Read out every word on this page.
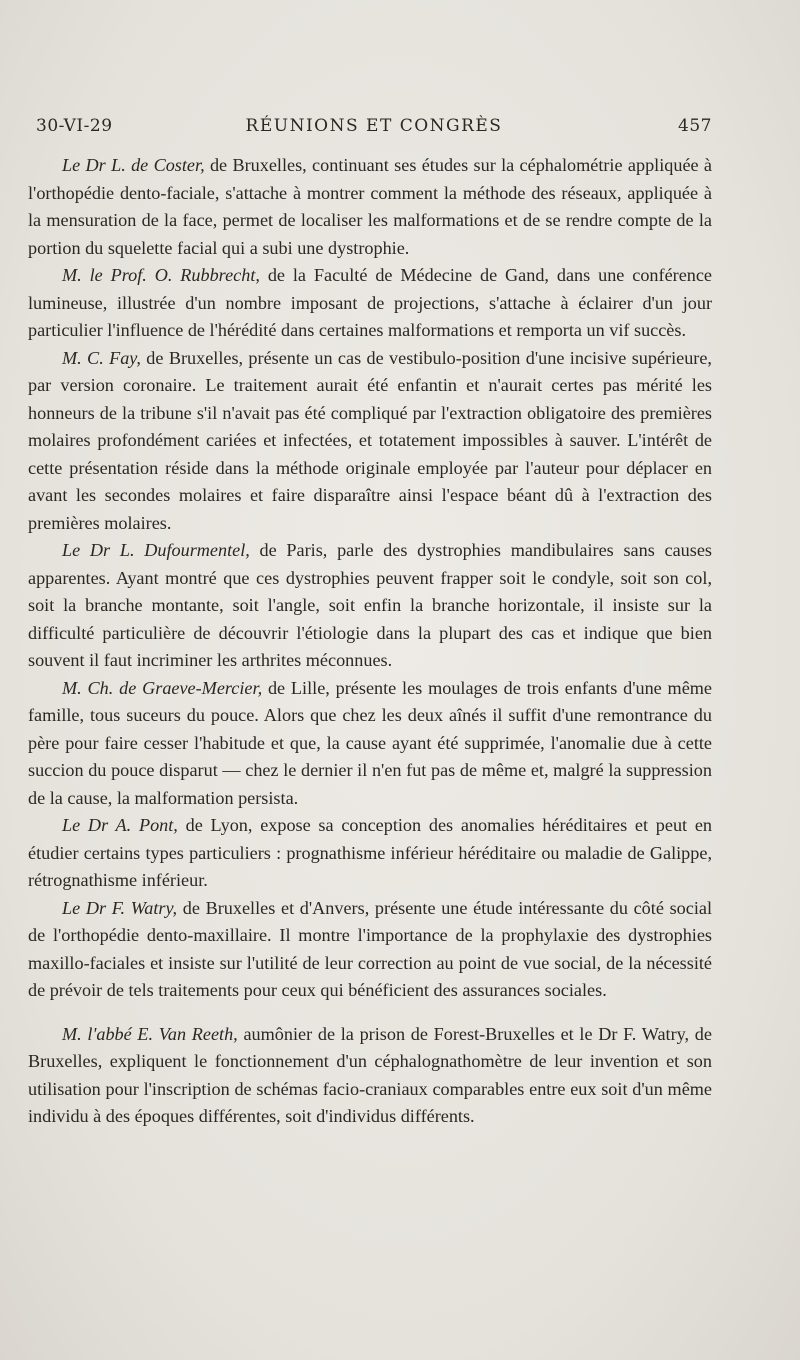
30-VI-29	RÉUNIONS ET CONGRÈS	457

Le Dr L. de Coster, de Bruxelles, continuant ses études sur la céphalométrie appliquée à l'orthopédie dento-faciale, s'attache à montrer comment la méthode des réseaux, appliquée à la mensuration de la face, permet de localiser les malformations et de se rendre compte de la portion du squelette facial qui a subi une dystrophie.

M. le Prof. O. Rubbrecht, de la Faculté de Médecine de Gand, dans une conférence lumineuse, illustrée d'un nombre imposant de projections, s'attache à éclairer d'un jour particulier l'influence de l'hérédité dans certaines malformations et remporta un vif succès.

M. C. Fay, de Bruxelles, présente un cas de vestibulo-position d'une incisive supérieure, par version coronaire. Le traitement aurait été enfantin et n'aurait certes pas mérité les honneurs de la tribune s'il n'avait pas été compliqué par l'extraction obligatoire des premières molaires profondément cariées et infectées, et totatement impossibles à sauver. L'intérêt de cette présentation réside dans la méthode originale employée par l'auteur pour déplacer en avant les secondes molaires et faire disparaître ainsi l'espace béant dû à l'extraction des premières molaires.

Le Dr L. Dufourmentel, de Paris, parle des dystrophies mandibulaires sans causes apparentes. Ayant montré que ces dystrophies peuvent frapper soit le condyle, soit son col, soit la branche montante, soit l'angle, soit enfin la branche horizontale, il insiste sur la difficulté particulière de découvrir l'étiologie dans la plupart des cas et indique que bien souvent il faut incriminer les arthrites méconnues.

M. Ch. de Graeve-Mercier, de Lille, présente les moulages de trois enfants d'une même famille, tous suceurs du pouce. Alors que chez les deux aînés il suffit d'une remontrance du père pour faire cesser l'habitude et que, la cause ayant été supprimée, l'anomalie due à cette succion du pouce disparut — chez le dernier il n'en fut pas de même et, malgré la suppression de la cause, la malformation persista.

Le Dr A. Pont, de Lyon, expose sa conception des anomalies héréditaires et peut en étudier certains types particuliers : prognathisme inférieur héréditaire ou maladie de Galippe, rétrognathisme inférieur.

Le Dr F. Watry, de Bruxelles et d'Anvers, présente une étude intéressante du côté social de l'orthopédie dento-maxillaire. Il montre l'importance de la prophylaxie des dystrophies maxillo-faciales et insiste sur l'utilité de leur correction au point de vue social, de la nécessité de prévoir de tels traitements pour ceux qui bénéficient des assurances sociales.

M. l'abbé E. Van Reeth, aumônier de la prison de Forest-Bruxelles et le Dr F. Watry, de Bruxelles, expliquent le fonctionnement d'un céphalognathomètre de leur invention et son utilisation pour l'inscription de schémas facio-craniaux comparables entre eux soit d'un même individu à des époques différentes, soit d'individus différents.
